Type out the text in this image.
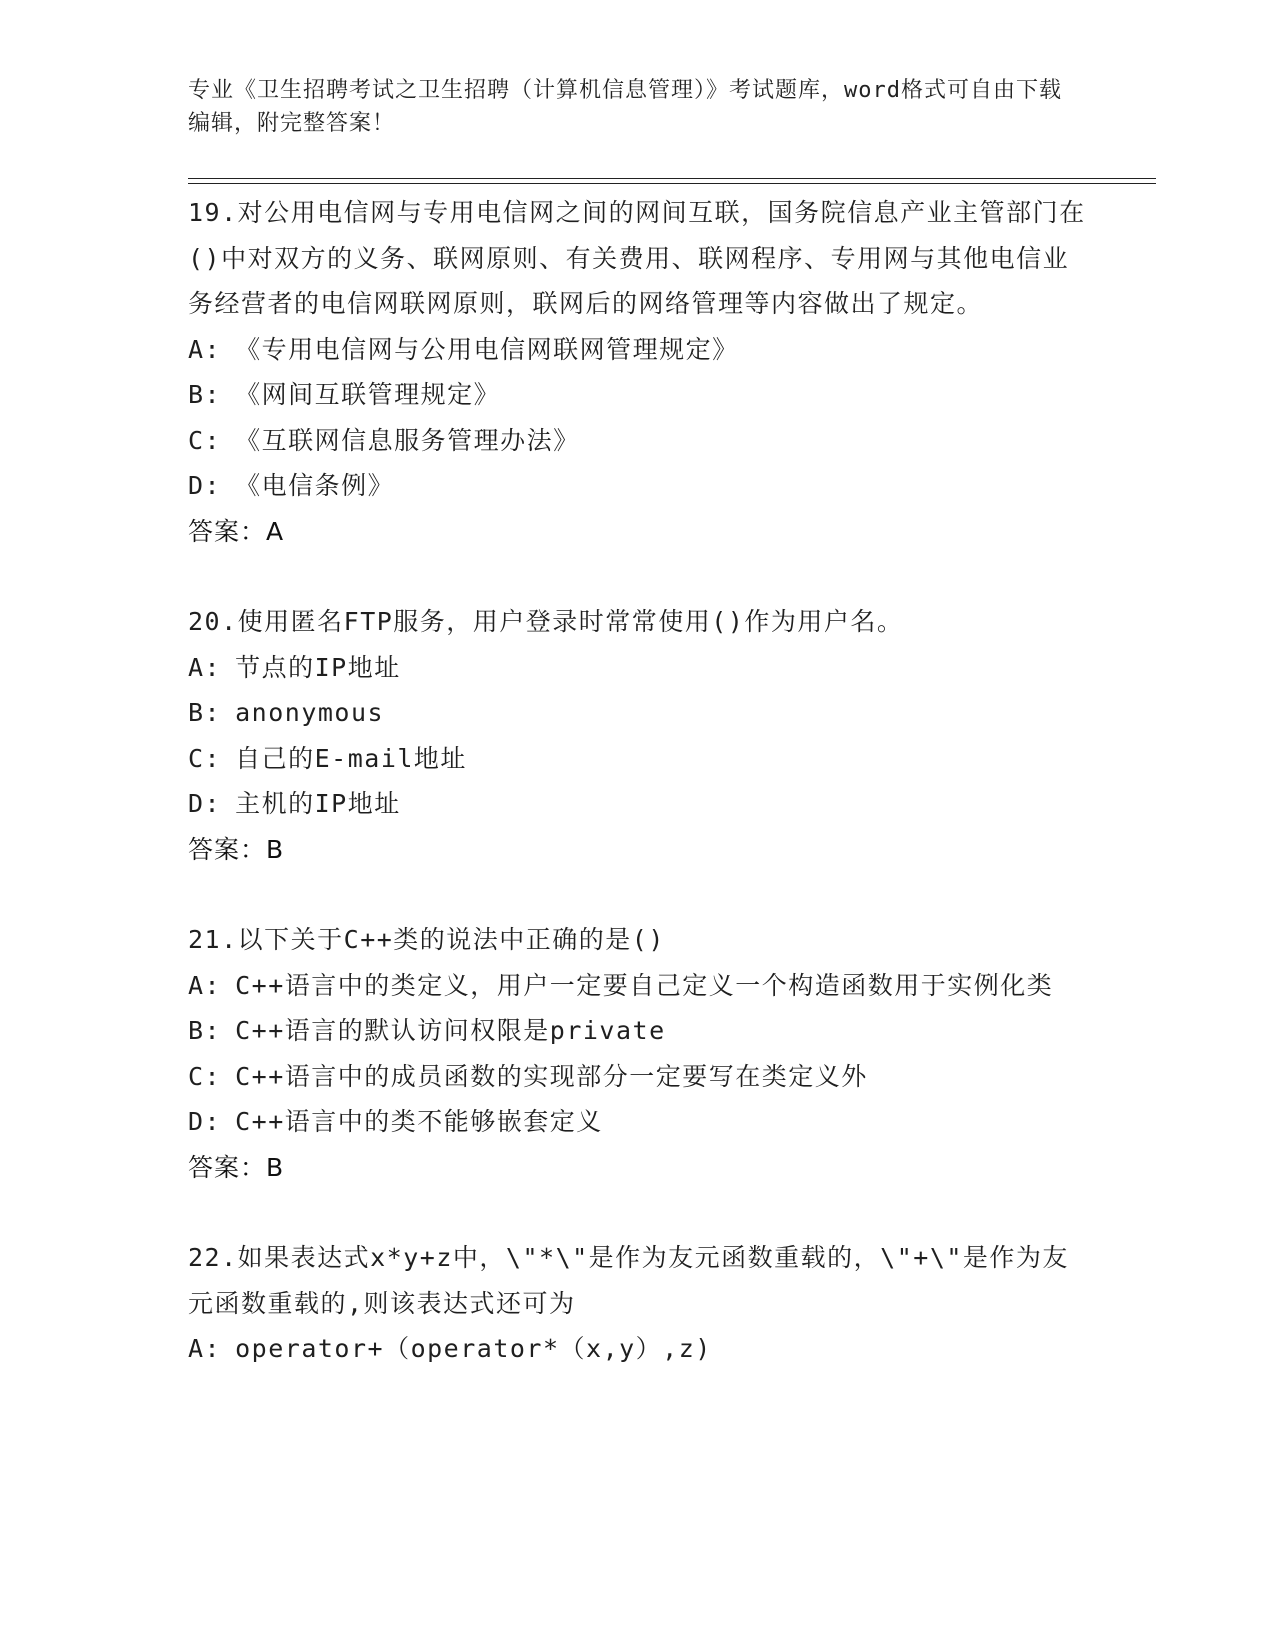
专业《卫生招聘考试之卫生招聘（计算机信息管理）》考试题库，word格式可自由下载编辑，附完整答案！

19.对公用电信网与专用电信网之间的网间互联，国务院信息产业主管部门在()中对双方的义务、联网原则、有关费用、联网程序、专用网与其他电信业务经营者的电信网联网原则，联网后的网络管理等内容做出了规定。

A: 《专用电信网与公用电信网联网管理规定》
B: 《网间互联管理规定》
C: 《互联网信息服务管理办法》
D: 《电信条例》

答案：A

20.使用匿名FTP服务，用户登录时常常使用()作为用户名。

A: 节点的IP地址
B: anonymous
C: 自己的E-mail地址
D: 主机的IP地址

答案：B

21.以下关于C++类的说法中正确的是()

A: C++语言中的类定义，用户一定要自己定义一个构造函数用于实例化类
B: C++语言的默认访问权限是private
C: C++语言中的成员函数的实现部分一定要写在类定义外
D: C++语言中的类不能够嵌套定义

答案：B

22.如果表达式x*y+z中，\"*\"是作为友元函数重载的，\"+\"是作为友元函数重载的,则该表达式还可为

A: operator+（operator*（x,y）,z)
